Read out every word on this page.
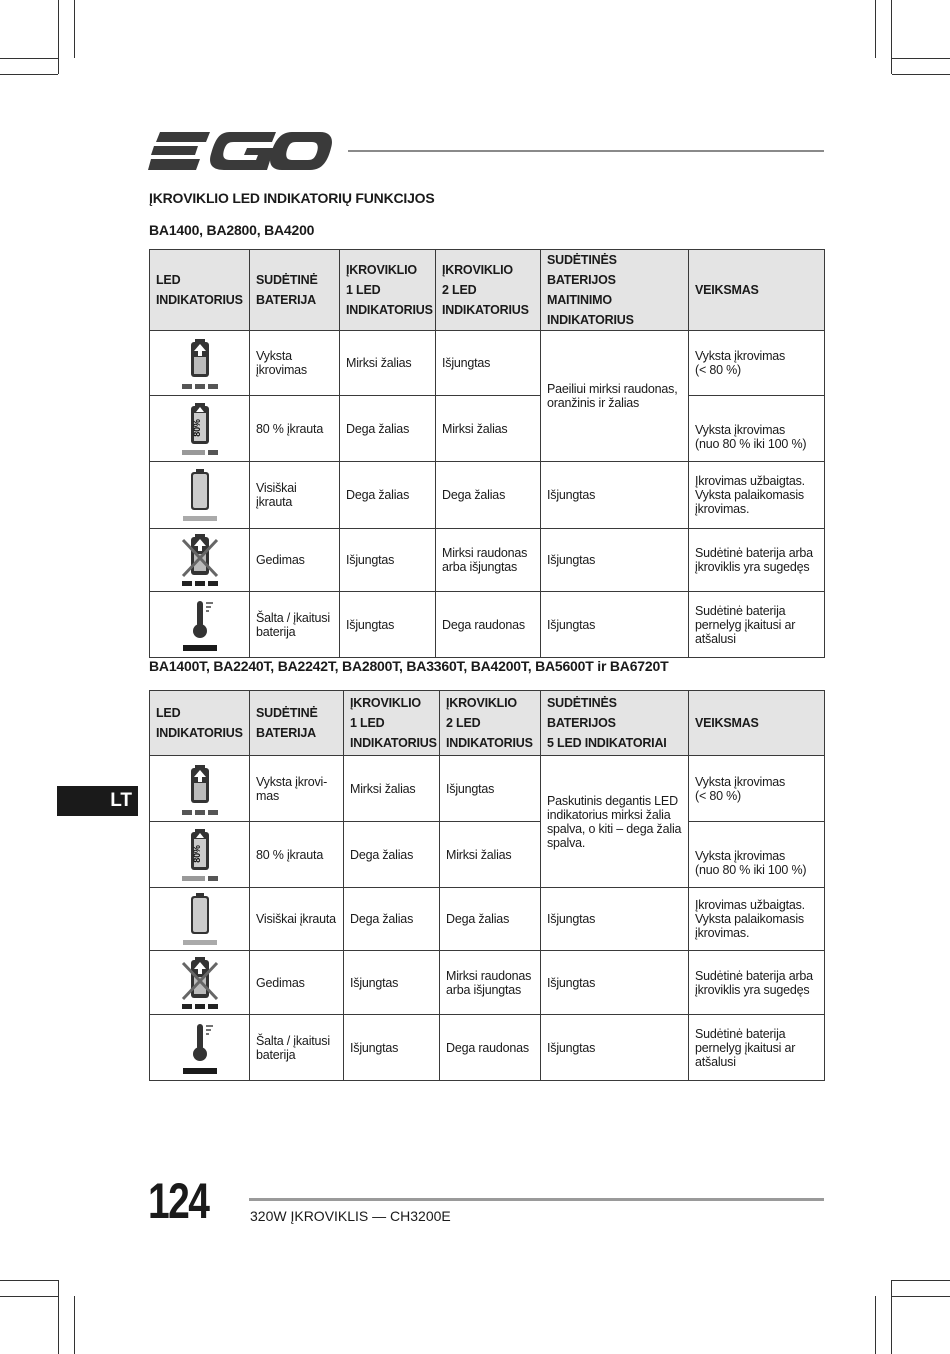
ĮKROVIKLIO LED INDIKATORIŲ FUNKCIJOS
BA1400, BA2800, BA4200
LED
INDIKATORIUS	SUDĖTINĖ
BATERIJA	ĮKROVIKLIO
1 LED
INDIKATORIUS	ĮKROVIKLIO
2 LED
INDIKATORIUS	SUDĖTINĖS
BATERIJOS MAITINIMO
INDIKATORIUS	VEIKSMAS

	Vyksta
įkrovimas	Mirksi žalias	Išjungtas	Paeiliui mirksi raudonas,
oranžinis ir žalias	Vyksta įkrovimas
(< 80 %)

80%	80 % įkrauta	Dega žalias	Mirksi žalias		Vyksta įkrovimas
(nuo 80 % iki 100 %)

	Visiškai įkrauta	Dega žalias	Dega žalias	Išjungtas	Įkrovimas užbaigtas.
Vyksta palaikomasis
įkrovimas.

	Gedimas	Išjungtas	Mirksi raudonas
arba išjungtas	Išjungtas	Sudėtinė baterija arba
įkroviklis yra sugedęs

	Šalta / įkaitusi
baterija	Išjungtas	Dega raudonas	Išjungtas	Sudėtinė baterija
pernelyg įkaitusi ar
atšalusi
BA1400T, BA2240T, BA2242T, BA2800T, BA3360T, BA4200T, BA5600T ir BA6720T
LT
LED
INDIKATORIUS	SUDĖTINĖ
BATERIJA	ĮKROVIKLIO
1 LED
INDIKATORIUS	ĮKROVIKLIO
2 LED
INDIKATORIUS	SUDĖTINĖS BATERIJOS
5 LED INDIKATORIAI	VEIKSMAS

	Vyksta įkrovi-
mas	Mirksi žalias	Išjungtas	Paskutinis degantis LED
indikatorius mirksi žalia
spalva, o kiti – dega žalia
spalva.	Vyksta įkrovimas
(< 80 %)

80%	80 % įkrauta	Dega žalias	Mirksi žalias		Vyksta įkrovimas
(nuo 80 % iki 100 %)

	Visiškai įkrauta	Dega žalias	Dega žalias	Išjungtas	Įkrovimas užbaigtas.
Vyksta palaikomasis
įkrovimas.

	Gedimas	Išjungtas	Mirksi raudonas
arba išjungtas	Išjungtas	Sudėtinė baterija arba
įkroviklis yra sugedęs

	Šalta / įkaitusi
baterija	Išjungtas	Dega raudonas	Išjungtas	Sudėtinė baterija
pernelyg įkaitusi ar
atšalusi
124	320W ĮKROVIKLIS — CH3200E
